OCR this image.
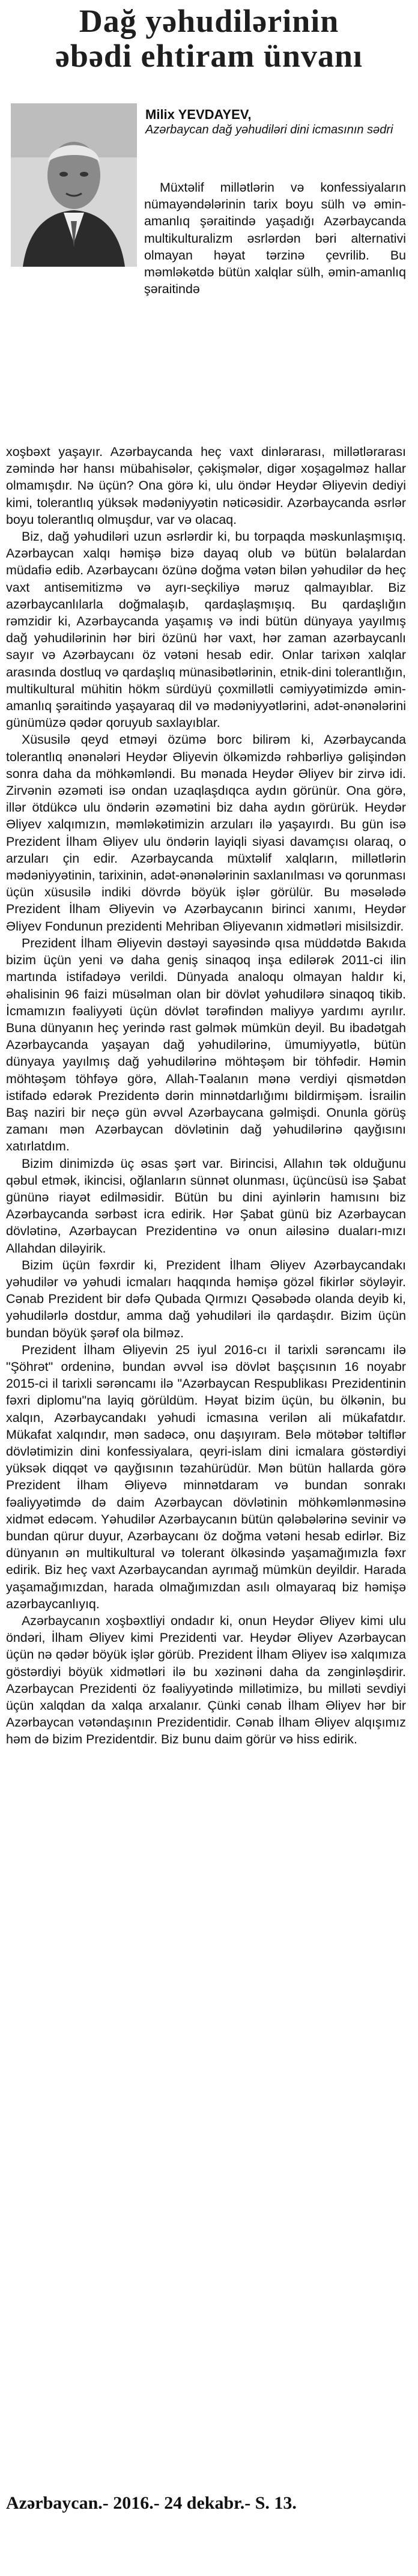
Dağ yəhudilərinin
əbədi ehtiram ünvanı
Milix YEVDAYEV,
Azərbaycan dağ yəhudiləri dini icmasının sədri

Müxtəlif millətlərin və konfessiyaların nümayəndələrinin tarix boyu sülh və əmin-amanlıq şəraitində yaşadığı Azərbaycanda multikulturalizm əsrlərdən bəri alternativi olmayan həyat tərzinə çevrilib. Bu məmləkətdə bütün xalqlar sülh, əmin-amanlıq şəraitində

xoşbəxt yaşayır. Azərbaycanda heç vaxt dinlərarası, millətlərarası zəmində hər hansı mübahisələr, çəkişmələr, digər xoşagəlməz hallar olmamışdır. Nə üçün? Ona görə ki, ulu öndər Heydər Əliyevin dediyi kimi, tolerantlıq yüksək mədəniyyətin nəticəsidir. Azərbaycanda əsrlər boyu tolerantlıq olmuşdur, var və olacaq.

Biz, dağ yəhudiləri uzun əsrlərdir ki, bu torpaqda məskunlaşmışıq. Azərbaycan xalqı həmişə bizə dayaq olub və bütün bəlalardan müdafiə edib. Azərbaycanı özünə doğma vətən bilən yəhudilər də heç vaxt antisemitizmə və ayrı-seçkiliyə məruz qalmayıblar. Biz azərbaycanlılarla doğmalaşıb, qardaşlaşmışıq. Bu qardaşlığın rəmzidir ki, Azərbaycanda yaşamış və indi bütün dünyaya yayılmış dağ yəhudilərinin hər biri özünü hər vaxt, hər zaman azərbaycanlı sayır və Azərbaycanı öz vətəni hesab edir. Onlar tarixən xalqlar arasında dostluq və qardaşlıq münasibətlərinin, etnik-dini tolerantlığın, multikultural mühitin hökm sürdüyü çoxmillətli cəmiyyətimizdə əmin-amanlıq şəraitində yaşayaraq dil və mədəniyyətlərini, adət-ənənələrini günümüzə qədər qoruyub saxlayıblar.

Xüsusilə qeyd etməyi özümə borc bilirəm ki, Azərbaycanda tolerantlıq ənənələri Heydər Əliyevin ölkəmizdə rəhbərliyə gəlişindən sonra daha da möhkəmləndi. Bu mənada Heydər Əliyev bir zirvə idi. Zirvənin əzəməti isə ondan uzaqlaşdıqca aydın görünür. Ona görə, illər ötdükcə ulu öndərin əzəmətini biz daha aydın görürük. Heydər Əliyev xalqımızın, məmləkətimizin arzuları ilə yaşayırdı. Bu gün isə Prezident İlham Əliyev ulu öndərin layiqli siyasi davamçısı olaraq, o arzuları çin edir. Azərbaycanda müxtəlif xalqların, millətlərin mədəniyyətinin, tarixinin, adət-ənənələrinin saxlanılması və qorunması üçün xüsusilə indiki dövrdə böyük işlər görülür. Bu məsələdə Prezident İlham Əliyevin və Azərbaycanın birinci xanımı, Heydər Əliyev Fondunun prezidenti Mehriban Əliyevanın xidmətləri misilsizdir.

Prezident İlham Əliyevin dəstəyi sayəsində qısa müddətdə Bakıda bizim üçün yeni və daha geniş sinaqoq inşa edilərək 2011-ci ilin martında istifadəyə verildi. Dünyada analoqu olmayan haldır ki, əhalisinin 96 faizi müsəlman olan bir dövlət yəhudilərə sinaqoq tikib. İcmamızın fəaliyyəti üçün dövlət tərəfindən maliyyə yardımı ayrılır. Buna dünyanın heç yerində rast gəlmək mümkün deyil. Bu ibadətgah Azərbaycanda yaşayan dağ yəhudilərinə, ümumiyyətlə, bütün dünyaya yayılmış dağ yəhudilərinə möhtəşəm bir töhfədir. Həmin möhtəşəm töhfəyə görə, Allah-Təalanın mənə verdiyi qismətdən istifadə edərək Prezidentə dərin minnətdarlığımı bildirmişəm. İsrailin Baş naziri bir neçə gün əvvəl Azərbaycana gəlmişdi. Onunla görüş zamanı mən Azərbaycan dövlətinin dağ yəhudilərinə qayğısını xatırlatdım.

Bizim dinimizdə üç əsas şərt var. Birincisi, Allahın tək olduğunu qəbul etmək, ikincisi, oğlanların sünnət olunması, üçüncüsü isə Şabat gününə riayət edilməsidir. Bütün bu dini ayinlərin hamısını biz Azərbaycanda sərbəst icra edirik. Hər Şabat günü biz Azərbaycan dövlətinə, Azərbaycan Prezidentinə və onun ailəsinə duaları-mızı Allahdan diləyirik.

Bizim üçün fəxrdir ki, Prezident İlham Əliyev Azərbaycandakı yəhudilər və yəhudi icmaları haqqında həmişə gözəl fikirlər söyləyir. Cənab Prezident bir dəfə Qubada Qırmızı Qəsəbədə olanda deyib ki, yəhudilərlə dostdur, amma dağ yəhudiləri ilə qardaşdır. Bizim üçün bundan böyük şərəf ola bilməz.

Prezident İlham Əliyevin 25 iyul 2016-cı il tarixli sərəncamı ilə "Şöhrət" ordeninə, bundan əvvəl isə dövlət başçısının 16 noyabr 2015-ci il tarixli sərəncamı ilə "Azərbaycan Respublikası Prezidentinin fəxri diplomu"na layiq görüldüm. Həyat bizim üçün, bu ölkənin, bu xalqın, Azərbaycandakı yəhudi icmasına verilən ali mükafatdır. Mükafat xalqındır, mən sadəcə, onu daşıyıram. Belə mötəbər təltiflər dövlətimizin dini konfessiyalara, qeyri-islam dini icmalara göstərdiyi yüksək diqqət və qayğısının təzahürüdür. Mən bütün hallarda görə Prezident İlham Əliyevə minnətdaram və bundan sonrakı fəaliyyətimdə də daim Azərbaycan dövlətinin möhkəmlənməsinə xidmət edəcəm. Yəhudilər Azərbaycanın bütün qələbələrinə sevinir və bundan qürur duyur, Azərbaycanı öz doğma vətəni hesab edirlər. Biz dünyanın ən multikultural və tolerant ölkəsində yaşamağımızla fəxr edirik. Biz heç vaxt Azərbaycandan ayrımağ mümkün deyildir. Harada yaşamağımızdan, harada olmağımızdan asılı olmayaraq biz həmişə azərbaycanlıyıq.

Azərbaycanın xoşbəxtliyi ondadır ki, onun Heydər Əliyev kimi ulu öndəri, İlham Əliyev kimi Prezidenti var. Heydər Əliyev Azərbaycan üçün nə qədər böyük işlər görüb. Prezident İlham Əliyev isə xalqımıza göstərdiyi böyük xidmətləri ilə bu xəzinəni daha da zənginləşdirir. Azərbaycan Prezidenti öz fəaliyyətində millətimizə, bu milləti sevdiyi üçün xalqdan da xalqa arxalanır. Çünki cənab İlham Əliyev hər bir Azərbaycan vətəndaşının Prezidentidir. Cənab İlham Əliyev alqışımız həm də bizim Prezidentdir. Biz bunu daim görür və hiss edirik.

Azərbaycan.- 2016.- 24 dekabr.- S. 13.
